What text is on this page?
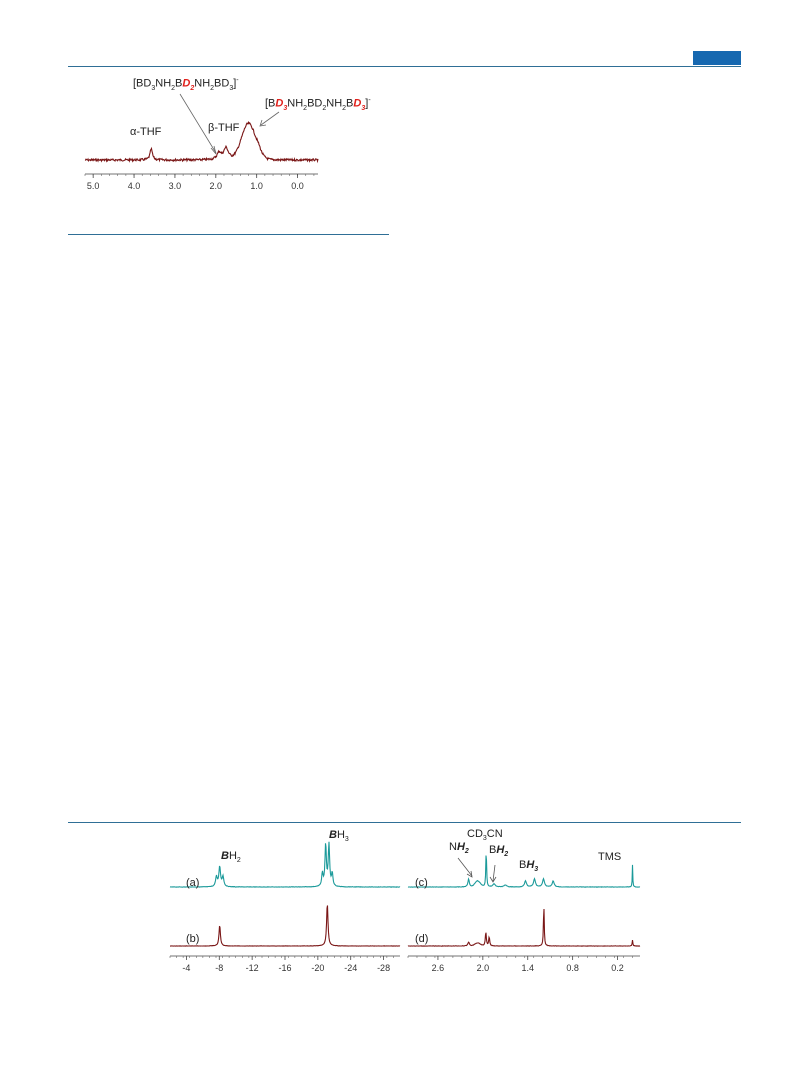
5.0	4.0	3.0	2.0	1.0	0.0
α-THF	β-THF
$[BD_3NH_2BD_2NH_2BD_3]^-$
$[BD_3NH_2BD_2NH_2BD_3]^-$
-4	-8 -12 -16 -20 -24 -28	2.6	2.0	1.4	0.8	0.2
(a)
(b)
(c)
(d)
$BH_2$
$BH_3$
$NH_2$
$CD_3CN$
$BH_2$
$BH_3$
TMS
